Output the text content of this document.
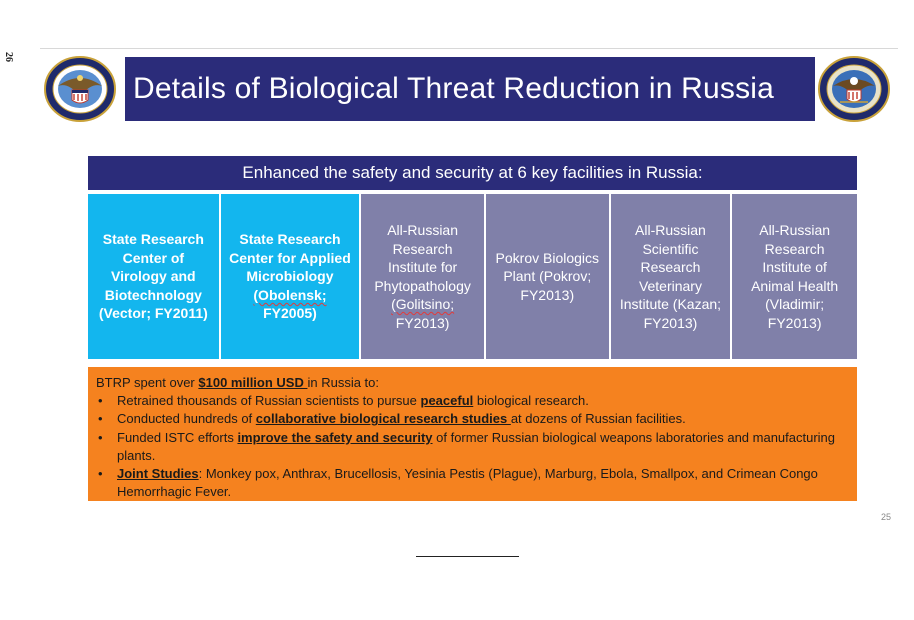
26
Details of Biological Threat Reduction in Russia
Enhanced the safety and security at 6 key facilities in Russia:
State Research
Center of
Virology and
Biotechnology
(Vector; FY2011)
State Research
Center for Applied
Microbiology
(Obolensk;
FY2005)
All-Russian
Research
Institute for
Phytopathology
(Golitsino;
FY2013)
Pokrov Biologics
Plant (Pokrov;
FY2013)
All-Russian
Scientific
Research
Veterinary
Institute (Kazan;
FY2013)
All-Russian
Research
Institute of
Animal Health
(Vladimir;
FY2013)

BTRP spent over $100 million USD in Russia to:

• Retrained thousands of Russian scientists to pursue peaceful biological research.
• Conducted hundreds of collaborative biological research studies at dozens of Russian facilities.
• Funded ISTC efforts improve the safety and security of former Russian biological weapons laboratories and manufacturing plants.
• Joint Studies: Monkey pox, Anthrax, Brucellosis, Yesinia Pestis (Plague), Marburg, Ebola, Smallpox, and Crimean Congo Hemorrhagic Fever.
25
